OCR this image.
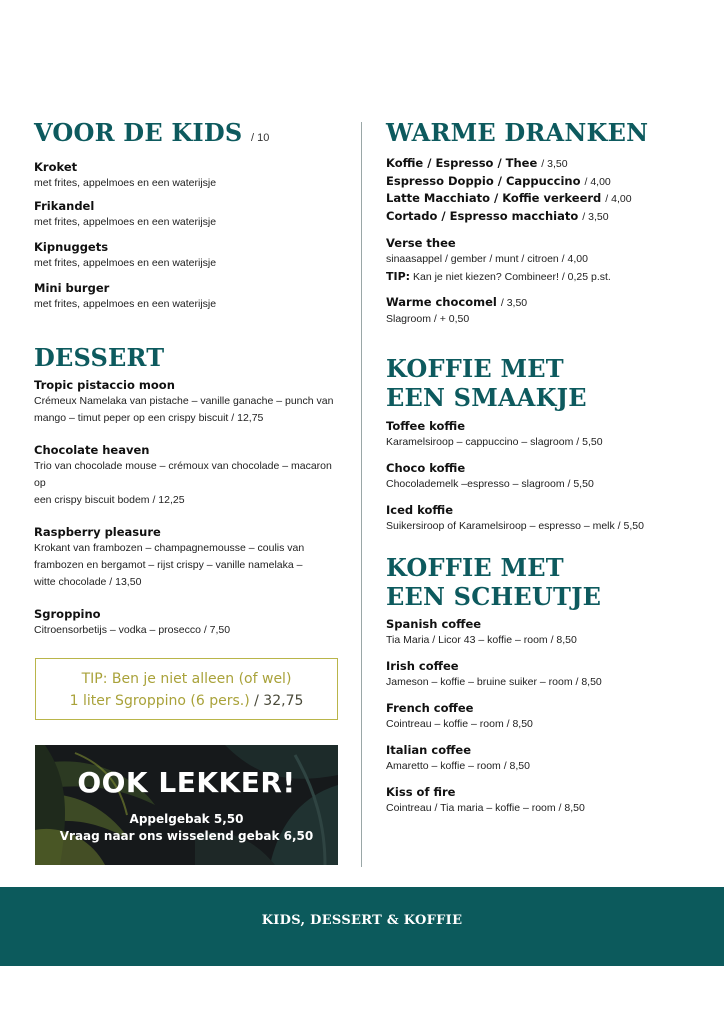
VOOR DE KIDS / 10
Kroket
met frites, appelmoes en een waterijsje
Frikandel
met frites, appelmoes en een waterijsje
Kipnuggets
met frites, appelmoes en een waterijsje
Mini burger
met frites, appelmoes en een waterijsje
DESSERT
Tropic pistaccio moon
Crémeux Namelaka van pistache – vanille ganache – punch van
mango – timut peper op een crispy biscuit / 12,75
Chocolate heaven
Trio van chocolade mouse – crémoux van chocolade – macaron op
een crispy biscuit bodem / 12,25
Raspberry pleasure
Krokant van frambozen – champagnemousse – coulis van
frambozen en bergamot – rijst crispy – vanille namelaka –
witte chocolade / 13,50
Sgroppino
Citroensorbetijs – vodka – prosecco / 7,50
TIP: Ben je niet alleen (of wel)
1 liter Sgroppino (6 pers.) / 32,75
OOK LEKKER!
Appelgebak 5,50
Vraag naar ons wisselend gebak 6,50
WARME DRANKEN
Koffie / Espresso / Thee / 3,50
Espresso Doppio / Cappuccino / 4,00
Latte Macchiato / Koffie verkeerd / 4,00
Cortado / Espresso macchiato / 3,50
Verse thee
sinaasappel / gember / munt / citroen / 4,00
TIP: Kan je niet kiezen? Combineer! / 0,25 p.st.
Warme chocomel / 3,50
Slagroom / + 0,50
KOFFIE MET
EEN SMAAKJE
Toffee koffie
Karamelsiroop – cappuccino – slagroom / 5,50
Choco koffie
Chocolademelk –espresso – slagroom / 5,50
Iced koffie
Suikersiroop of Karamelsiroop – espresso – melk / 5,50
KOFFIE MET
EEN SCHEUTJE
Spanish coffee
Tia Maria / Licor 43 – koffie – room / 8,50
Irish coffee
Jameson – koffie – bruine suiker – room / 8,50
French coffee
Cointreau – koffie – room / 8,50
Italian coffee
Amaretto – koffie – room / 8,50
Kiss of fire
Cointreau / Tia maria – koffie – room / 8,50
KIDS, DESSERT & KOFFIE
